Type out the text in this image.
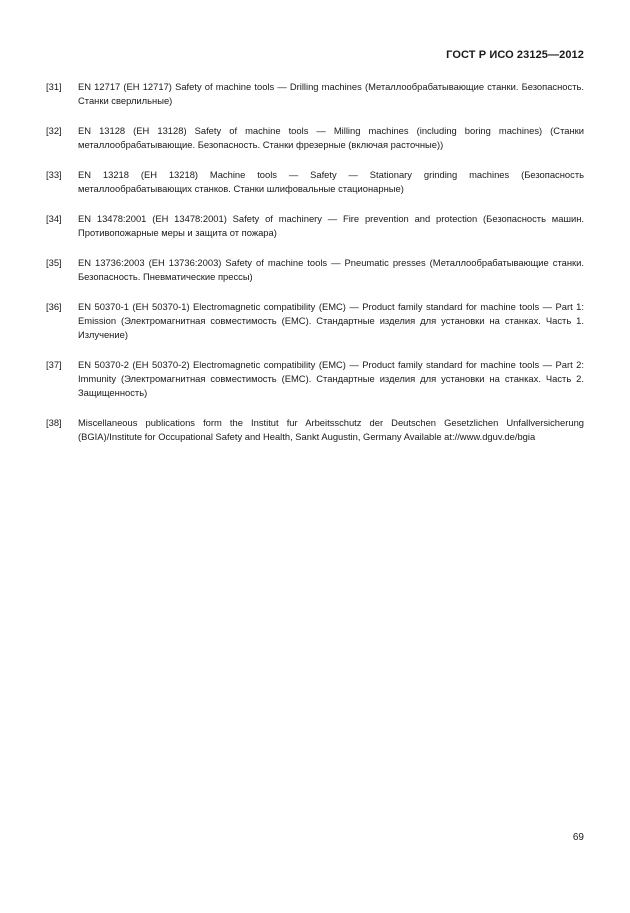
ГОСТ Р ИСО 23125—2012
[31]	EN 12717 (EH 12717) Safety of machine tools — Drilling machines (Металлообрабатывающие станки. Безопасность. Станки сверлильные)
[32]	EN 13128 (EH 13128) Safety of machine tools — Milling machines (including boring machines) (Станки металлообрабатывающие. Безопасность. Станки фрезерные (включая расточные))
[33]	EN 13218 (EH 13218) Machine tools — Safety — Stationary grinding machines (Безопасность металлообрабатывающих станков. Станки шлифовальные стационарные)
[34]	EN 13478:2001 (EH 13478:2001) Safety of machinery — Fire prevention and protection (Безопасность машин. Противопожарные меры и защита от пожара)
[35]	EN 13736:2003 (EH 13736:2003) Safety of machine tools — Pneumatic presses (Металлообрабатывающие станки. Безопасность. Пневматические прессы)
[36]	EN 50370-1 (EH 50370-1) Electromagnetic compatibility (EMC) — Product family standard for machine tools — Part 1: Emission (Электромагнитная совместимость (EMC). Стандартные изделия для установки на станках. Часть 1. Излучение)
[37]	EN 50370-2 (EH 50370-2) Electromagnetic compatibility (EMC) — Product family standard for machine tools — Part 2: Immunity (Электромагнитная совместимость (EMC). Стандартные изделия для установки на станках. Часть 2. Защищенность)
[38]	Miscellaneous publications form the Institut fur Arbeitsschutz der Deutschen Gesetzlichen Unfallversicherung (BGIA)/Institute for Occupational Safety and Health, Sankt Augustin, Germany Available at://www.dguv.de/bgia
69
